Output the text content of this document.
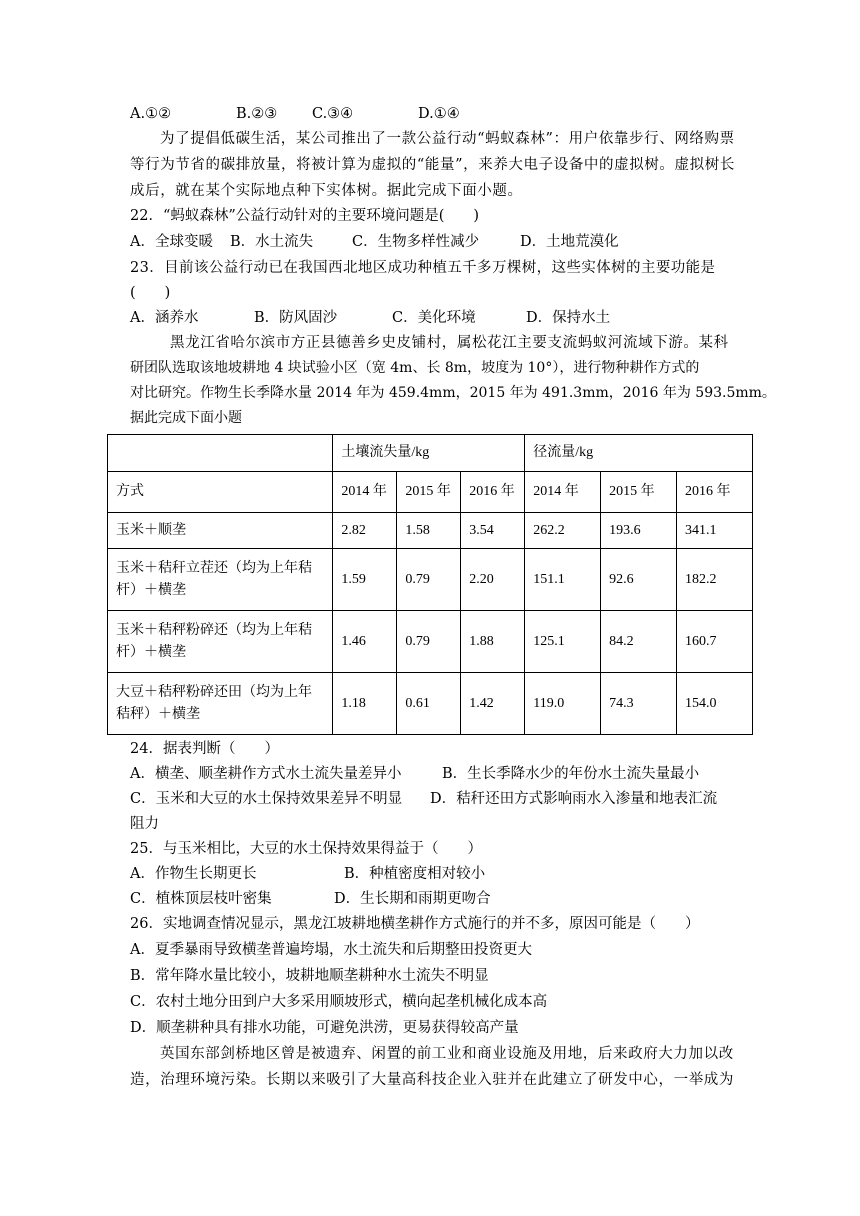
A.①②	B.②③ C.③④	D.①④
为了提倡低碳生活，某公司推出了一款公益行动“蚂蚁森林”：用户依靠步行、网络购票
等行为节省的碳排放量，将被计算为虚拟的“能量”，来养大电子设备中的虚拟树。虚拟树长
成后，就在某个实际地点种下实体树。据此完成下面小题。
22．“蚂蚁森林”公益行动针对的主要环境问题是(　　)
A．全球变暖 B．水土流失	C．生物多样性减少	D．土地荒漠化
23．目前该公益行动已在我国西北地区成功种植五千多万棵树，这些实体树的主要功能是
(　　)
A．涵养水	B．防风固沙	C．美化环境	D．保持水土
黑龙江省哈尔滨市方正县德善乡史皮铺村，属松花江主要支流蚂蚁河流域下游。某科
研团队选取该地坡耕地 4 块试验小区（宽 4m、长 8m，坡度为 10°），进行物种耕作方式的
对比研究。作物生长季降水量 2014 年为 459.4mm，2015 年为 491.3mm，2016 年为 593.5mm。
据此完成下面小题
	土壤流失量/kg			径流量/kg		
方式	2014 年	2015 年	2016 年	2014 年	2015 年	2016 年
玉米＋顺垄	2.82	1.58	3.54	262.2	193.6	341.1

玉米＋秸秆立茬还（均为上年秸
杆）＋横垄	1.59	0.79	2.20	151.1	92.6	182.2

玉米＋秸秤粉碎还（均为上年秸
杆）＋横垄	1.46	0.79	1.88	125.1	84.2	160.7

大豆＋秸秤粉碎还田（均为上年
秸秤）＋横垄	1.18	0.61	1.42	119.0	74.3	154.0
24．据表判断（　　）
A．横垄、顺垄耕作方式水土流失量差异小	B．生长季降水少的年份水土流失量最小
C．玉米和大豆的水土保持效果差异不明显 D．秸秆还田方式影响雨水入渗量和地表汇流
阻力
25．与玉米相比，大豆的水土保持效果得益于（　　）
A．作物生长期更长	B．种植密度相对较小
C．植株顶层枝叶密集	D．生长期和雨期更吻合
26．实地调查情况显示，黑龙江坡耕地横垄耕作方式施行的并不多，原因可能是（　　）
A．夏季暴雨导致横垄普遍垮塌，水土流失和后期整田投资更大
B．常年降水量比较小，坡耕地顺垄耕种水土流失不明显
C．农村土地分田到户大多采用顺坡形式，横向起垄机械化成本高
D．顺垄耕种具有排水功能，可避免洪涝，更易获得较高产量
英国东部剑桥地区曾是被遗弃、闲置的前工业和商业设施及用地，后来政府大力加以改
造，治理环境污染。长期以来吸引了大量高科技企业入驻并在此建立了研发中心，一举成为
